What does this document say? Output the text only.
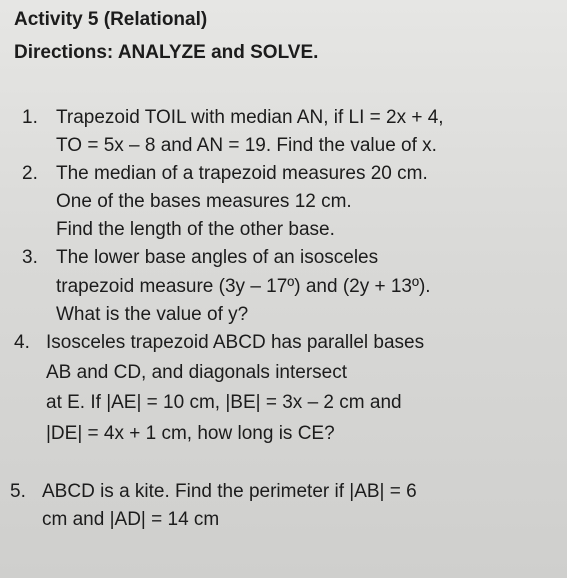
Activity 5 (Relational)
Directions: ANALYZE and SOLVE.
1. Trapezoid TOIL with median AN, if LI = 2x + 4,
TO = 5x – 8 and AN = 19. Find the value of x.
2. The median of a trapezoid measures 20 cm.
One of the bases measures 12 cm.
Find the length of the other base.
3. The lower base angles of an isosceles
trapezoid measure (3y – 17º) and (2y + 13º).
What is the value of y?
4. Isosceles trapezoid ABCD has parallel bases
AB and CD, and diagonals intersect
at E. If |AE| = 10 cm, |BE| = 3x – 2 cm and
|DE| = 4x + 1 cm, how long is CE?
5. ABCD is a kite. Find the perimeter if |AB| = 6
cm and |AD| = 14 cm
